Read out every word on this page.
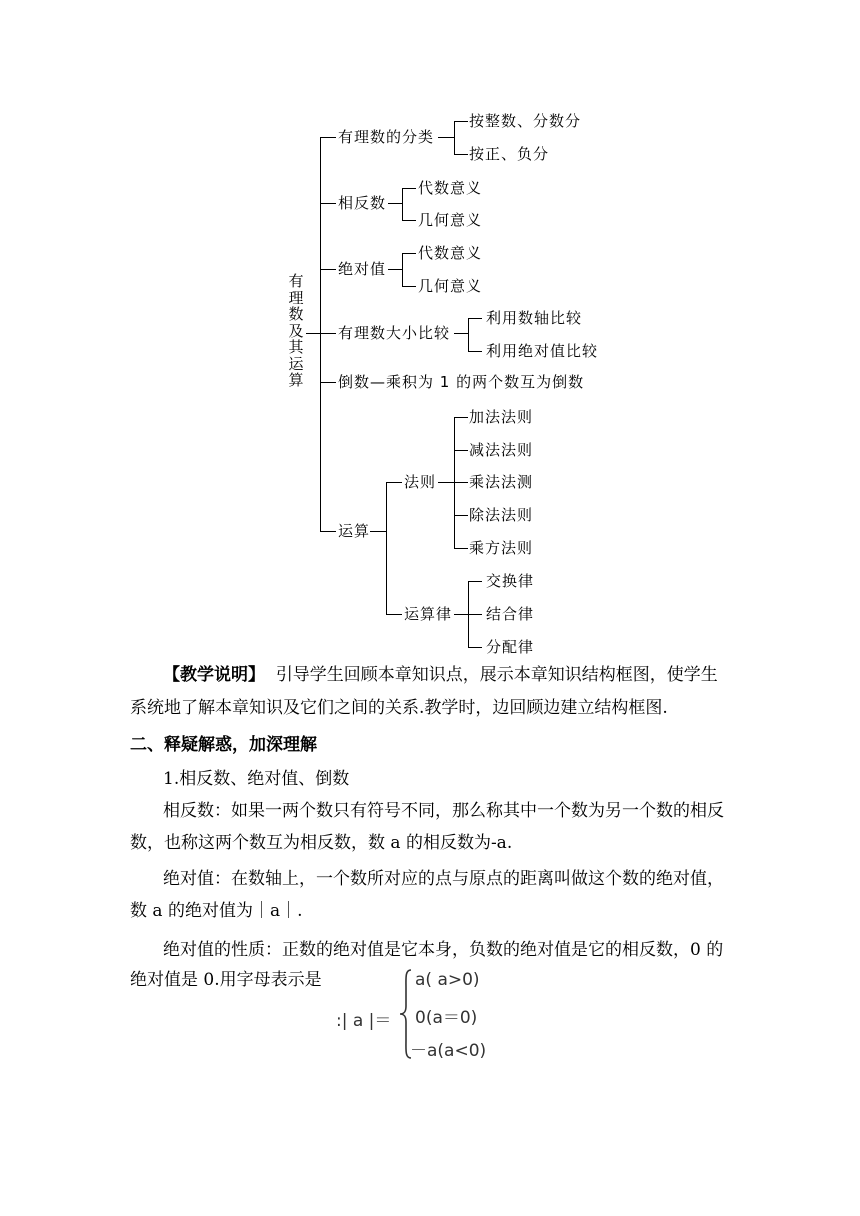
有
理
数
及
其
运
算
有理数的分类
按整数、分数分
按正、负分
相反数
代数意义
几何意义
绝对值
代数意义
几何意义
有理数大小比较
利用数轴比较
利用绝对值比较
倒数—乘积为 1 的两个数互为倒数
运算
法则
加法法则
减法法则
乘法法测
除法法则
乘方法则
运算律
交换律
结合律
分配律
【教学说明】 引导学生回顾本章知识点，展示本章知识结构框图，使学生
系统地了解本章知识及它们之间的关系.教学时，边回顾边建立结构框图.
二、释疑解惑，加深理解
1.相反数、绝对值、倒数
相反数：如果一两个数只有符号不同，那么称其中一个数为另一个数的相反
数，也称这两个数互为相反数，数 a 的相反数为-a.
绝对值：在数轴上，一个数所对应的点与原点的距离叫做这个数的绝对值，
数 a 的绝对值为｜a｜.
绝对值的性质：正数的绝对值是它本身，负数的绝对值是它的相反数，0 的
绝对值是 0.用字母表示是
:| a |＝
a( a>0)
0(a＝0)
－a(a<0)
